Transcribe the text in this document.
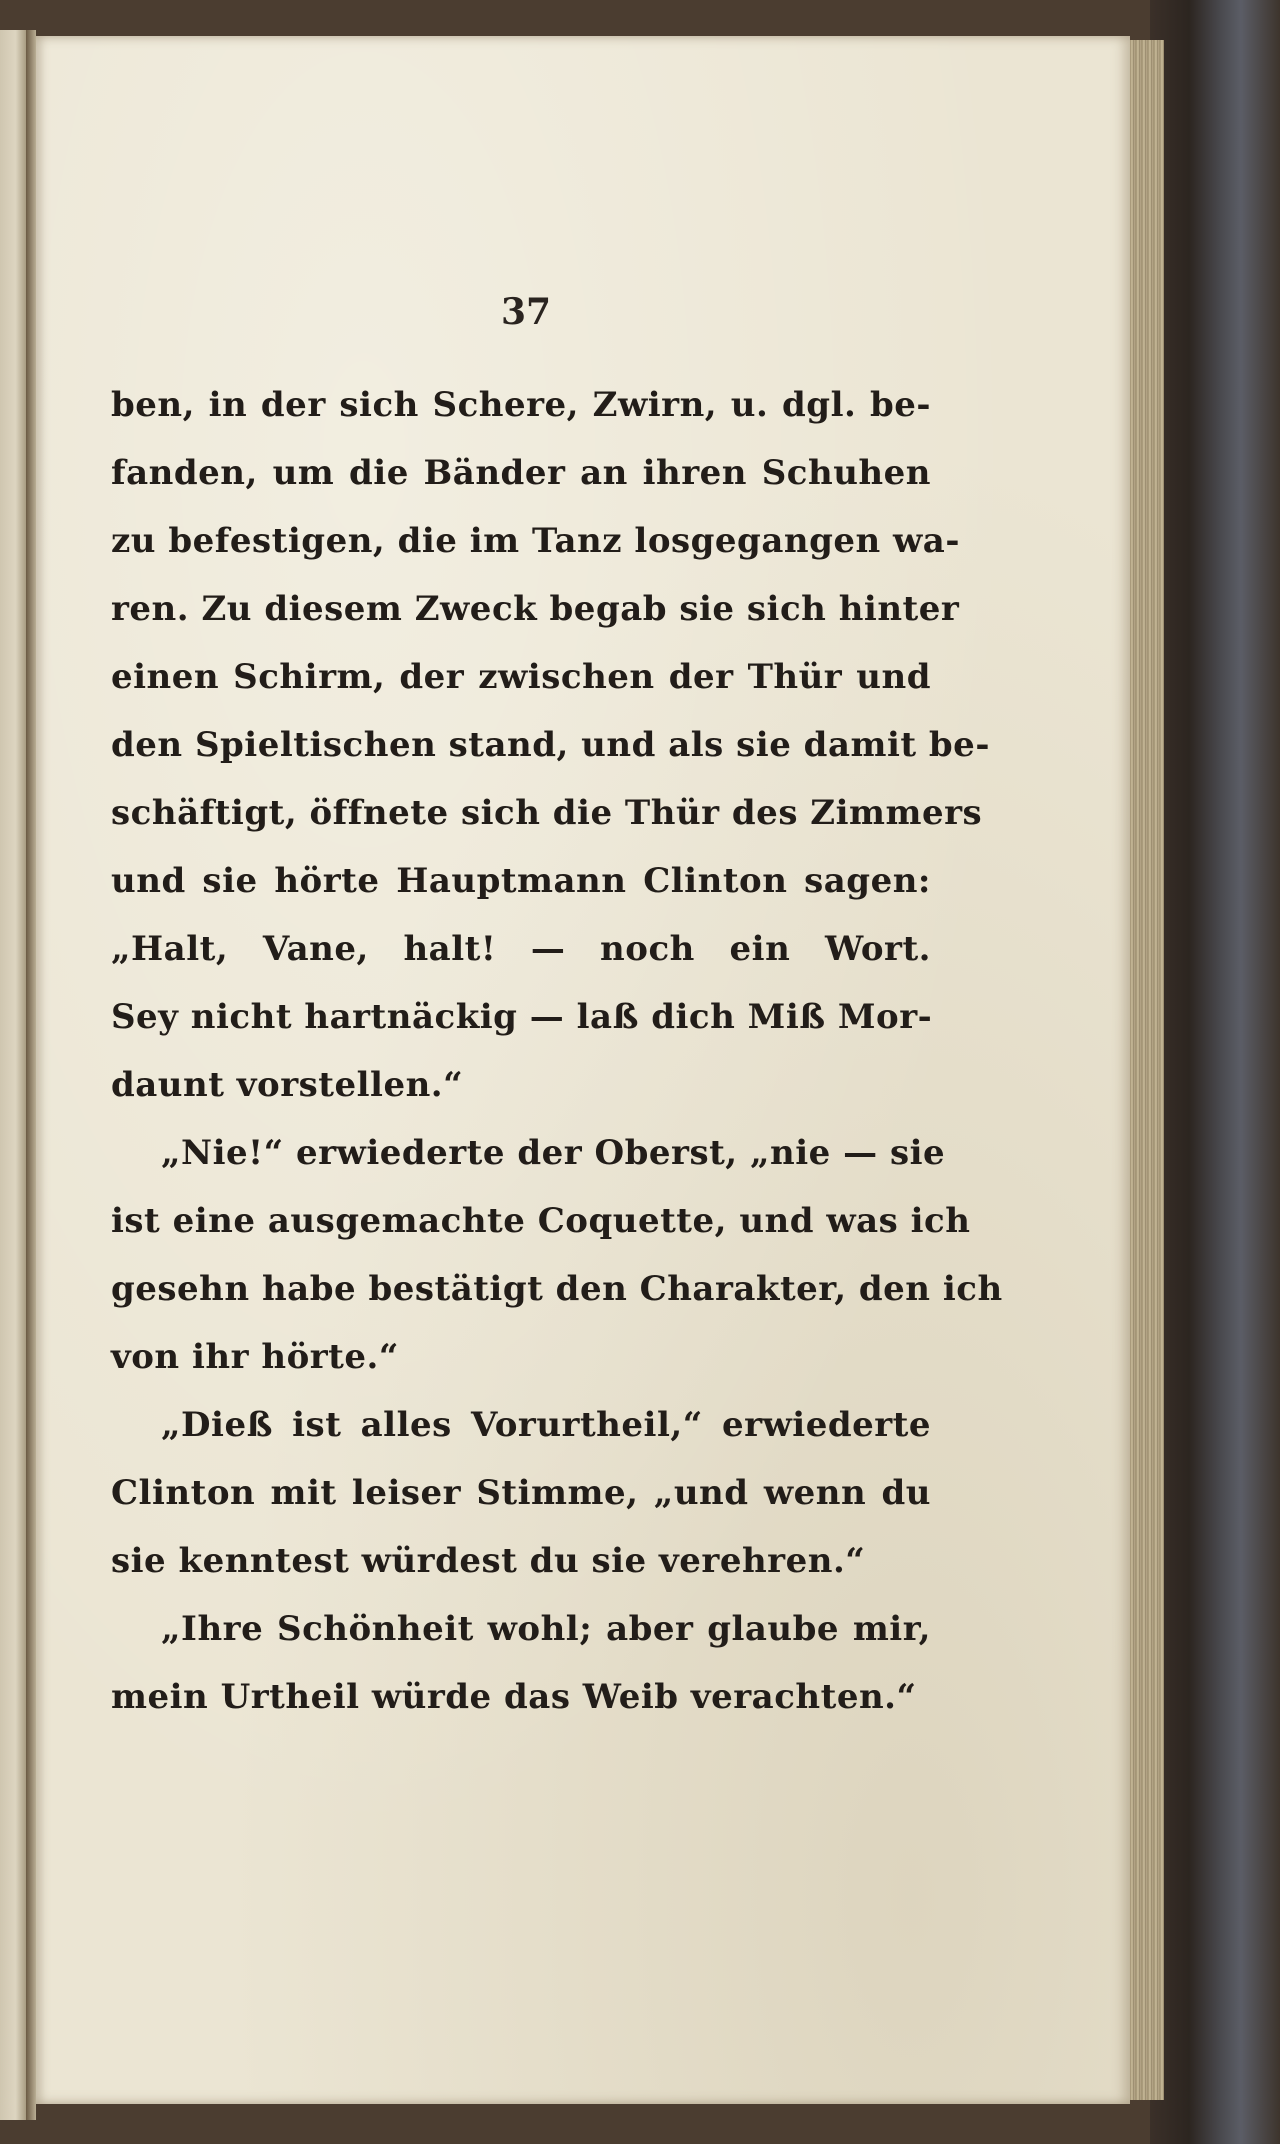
37
ben, in der sich Schere, Zwirn, u. dgl. be-
fanden, um die Bänder an ihren Schuhen
zu befestigen, die im Tanz losgegangen wa-
ren. Zu diesem Zweck begab sie sich hinter
einen Schirm, der zwischen der Thür und
den Spieltischen stand, und als sie damit be-
schäftigt, öffnete sich die Thür des Zimmers
und sie hörte Hauptmann Clinton sagen:
„Halt, Vane, halt! — noch ein Wort.
Sey nicht hartnäckig — laß dich Miß Mor-
daunt vorstellen.“
„Nie!“ erwiederte der Oberst, „nie — sie
ist eine ausgemachte Coquette, und was ich
gesehn habe bestätigt den Charakter, den ich
von ihr hörte.“
„Dieß ist alles Vorurtheil,“ erwiederte
Clinton mit leiser Stimme, „und wenn du
sie kenntest würdest du sie verehren.“
„Ihre Schönheit wohl; aber glaube mir,
mein Urtheil würde das Weib verachten.“
